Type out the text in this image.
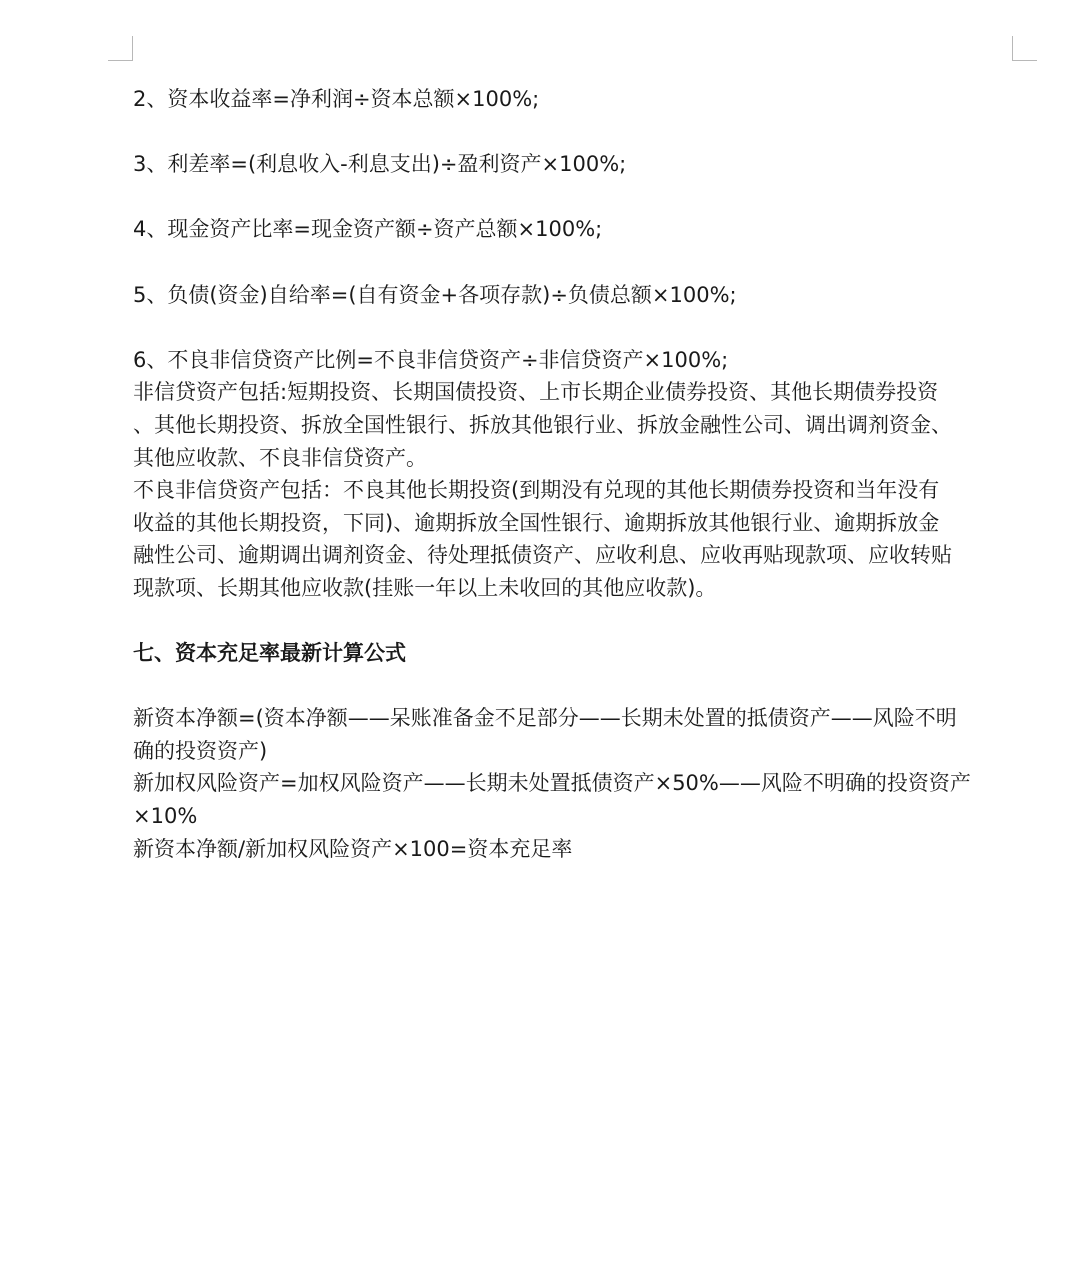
2、资本收益率=净利润÷资本总额×100%;

3、利差率=(利息收入-利息支出)÷盈利资产×100%;

4、现金资产比率=现金资产额÷资产总额×100%;

5、负债(资金)自给率=(自有资金+各项存款)÷负债总额×100%;

6、不良非信贷资产比例=不良非信贷资产÷非信贷资产×100%;

非信贷资产包括:短期投资、长期国债投资、上市长期企业债券投资、其他长期债券投资

、其他长期投资、拆放全国性银行、拆放其他银行业、拆放金融性公司、调出调剂资金、

其他应收款、不良非信贷资产。

不良非信贷资产包括：不良其他长期投资(到期没有兑现的其他长期债券投资和当年没有

收益的其他长期投资，下同)、逾期拆放全国性银行、逾期拆放其他银行业、逾期拆放金

融性公司、逾期调出调剂资金、待处理抵债资产、应收利息、应收再贴现款项、应收转贴

现款项、长期其他应收款(挂账一年以上未收回的其他应收款)。

七、资本充足率最新计算公式

新资本净额=(资本净额——呆账准备金不足部分——长期未处置的抵债资产——风险不明

确的投资资产)

新加权风险资产=加权风险资产——长期未处置抵债资产×50%——风险不明确的投资资产

×10%

新资本净额/新加权风险资产×100=资本充足率
